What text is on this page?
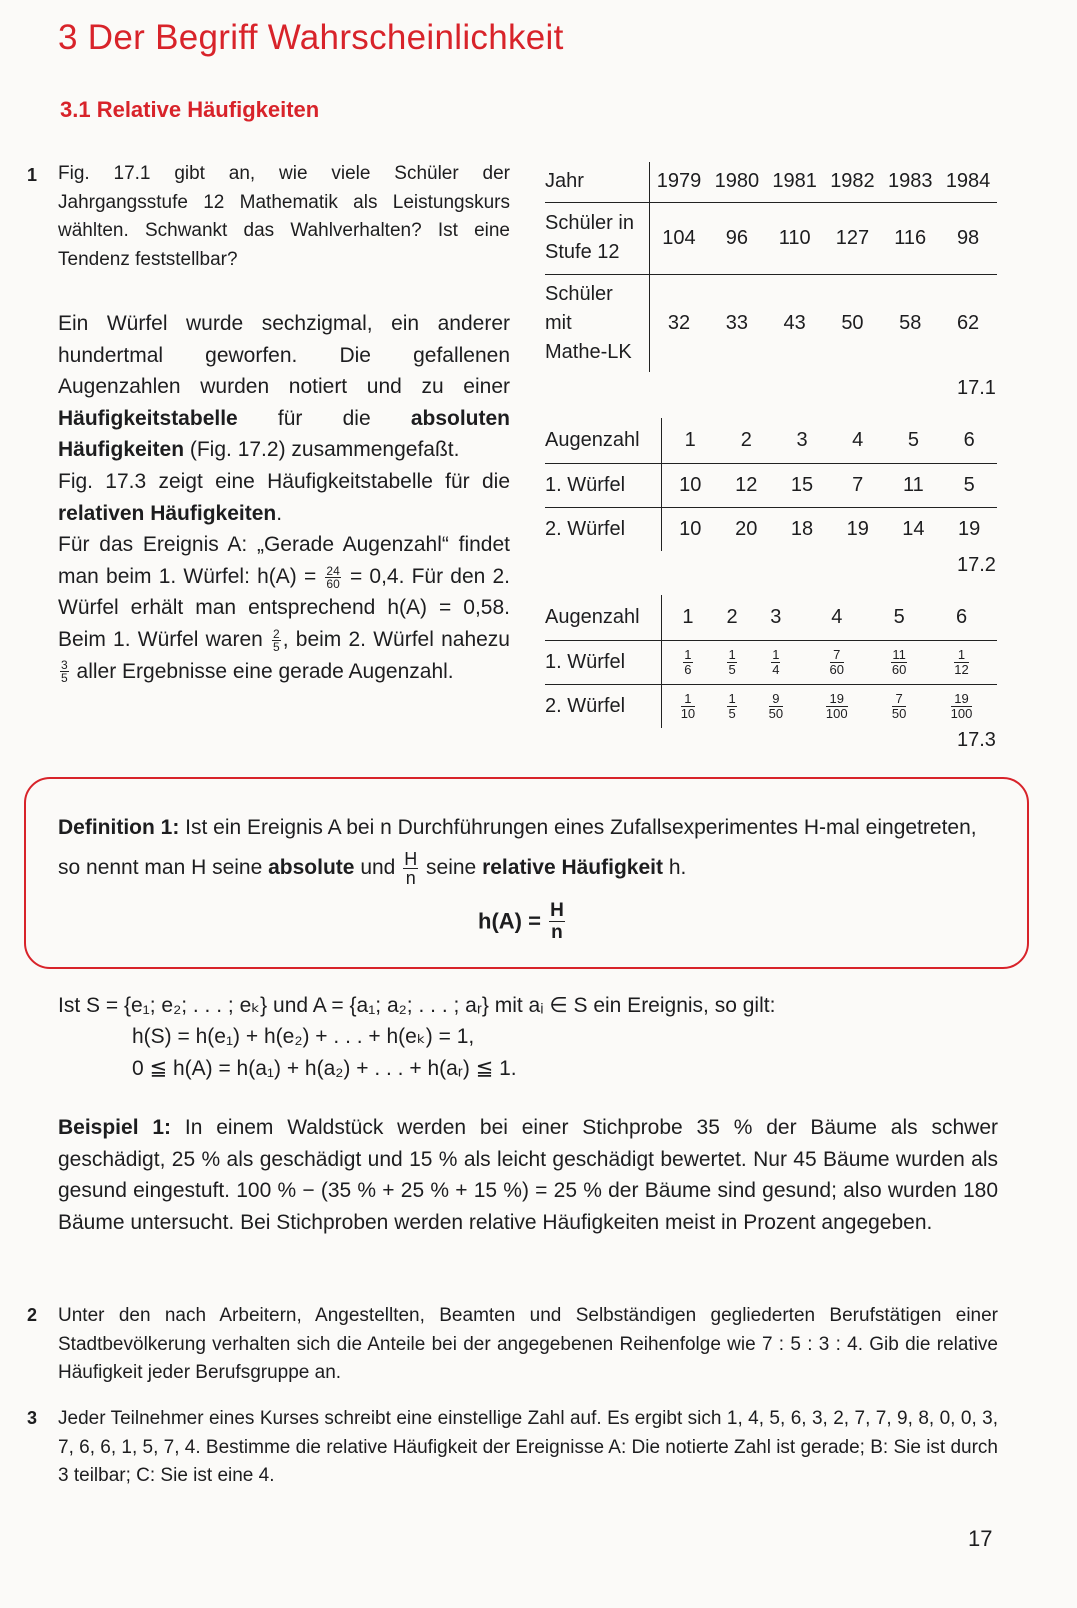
3 Der Begriff Wahrscheinlichkeit
3.1 Relative Häufigkeiten
1 Fig. 17.1 gibt an, wie viele Schüler der Jahrgangsstufe 12 Mathematik als Leistungskurs wählten. Schwankt das Wahlverhalten? Ist eine Tendenz feststellbar?
Ein Würfel wurde sechzigmal, ein anderer hundertmal geworfen. Die gefallenen Augenzahlen wurden notiert und zu einer Häufigkeitstabelle für die absoluten Häufigkeiten (Fig. 17.2) zusammengefaßt.
Fig. 17.3 zeigt eine Häufigkeitstabelle für die relativen Häufigkeiten.
Für das Ereignis A: „Gerade Augenzahl“ findet man beim 1. Würfel: $h(A) = \frac{24}{60} = 0,4$. Für den 2. Würfel erhält man entsprechend h(A) = 0,58. Beim 1. Würfel waren $\frac{2}{5}$ , beim 2. Würfel nahezu
$\frac{3}{5}$ aller Ergebnisse eine gerade Augenzahl.
Jahr	1979	1980	1981	1982	1983	1984
Schüler in
Stufe 12	104	96	110	127	116	98
Schüler
mit
Mathe-LK	32	33	43	50	58	62
17.1
Augenzahl	1	2	3	4	5	6
1. Würfel	10	12	15	7	11	5
2. Würfel	10	20	18	19	14	19
17.2
Augenzahl	1	2	3	4	5	6
1. Würfel	$\frac{1}{6}$	$\frac{1}{5}$	$\frac{1}{4}$	$\frac{7}{60}$	$\frac{11}{60}$	$\frac{1}{12}$

2. Würfel	$\frac{1}{10}$	$\frac{1}{5}$	$\frac{9}{50}$	$\frac{19}{100}$	$\frac{7}{50}$	$\frac{19}{100}$
17.3
Definition 1: Ist ein Ereignis A bei n Durchführungen eines Zufallsexperimentes H-mal eingetreten, so nennt man H seine absolute und $\frac{H}{n}$ seine relative Häufigkeit h.
$h(A) = \frac{H}{n}$
Ist S = {e₁; e₂; . . . ; eₖ} und A = {a₁; a₂; . . . ; aᵣ} mit aᵢ ∈ S ein Ereignis, so gilt:
h(S) = h(e₁) + h(e₂) + . . . + h(eₖ) = 1,
0 ≦ h(A) = h(a₁) + h(a₂) + . . . + h(aᵣ) ≦ 1.
Beispiel 1: In einem Waldstück werden bei einer Stichprobe 35 % der Bäume als schwer geschädigt, 25 % als geschädigt und 15 % als leicht geschädigt bewertet. Nur 45 Bäume wurden als gesund eingestuft. 100 % − (35 % + 25 % + 15 %) = 25 % der Bäume sind gesund; also wurden 180 Bäume untersucht. Bei Stichproben werden relative Häufigkeiten meist in Prozent angegeben.
2 Unter den nach Arbeitern, Angestellten, Beamten und Selbständigen gegliederten Berufstätigen einer Stadtbevölkerung verhalten sich die Anteile bei der angegebenen Reihenfolge wie 7 : 5 : 3 : 4. Gib die relative Häufigkeit jeder Berufsgruppe an.
3 Jeder Teilnehmer eines Kurses schreibt eine einstellige Zahl auf. Es ergibt sich 1, 4, 5, 6, 3, 2, 7, 7, 9, 8, 0, 0, 3, 7, 6, 6, 1, 5, 7, 4. Bestimme die relative Häufigkeit der Ereignisse A: Die notierte Zahl ist gerade; B: Sie ist durch 3 teilbar; C: Sie ist eine 4.
17
